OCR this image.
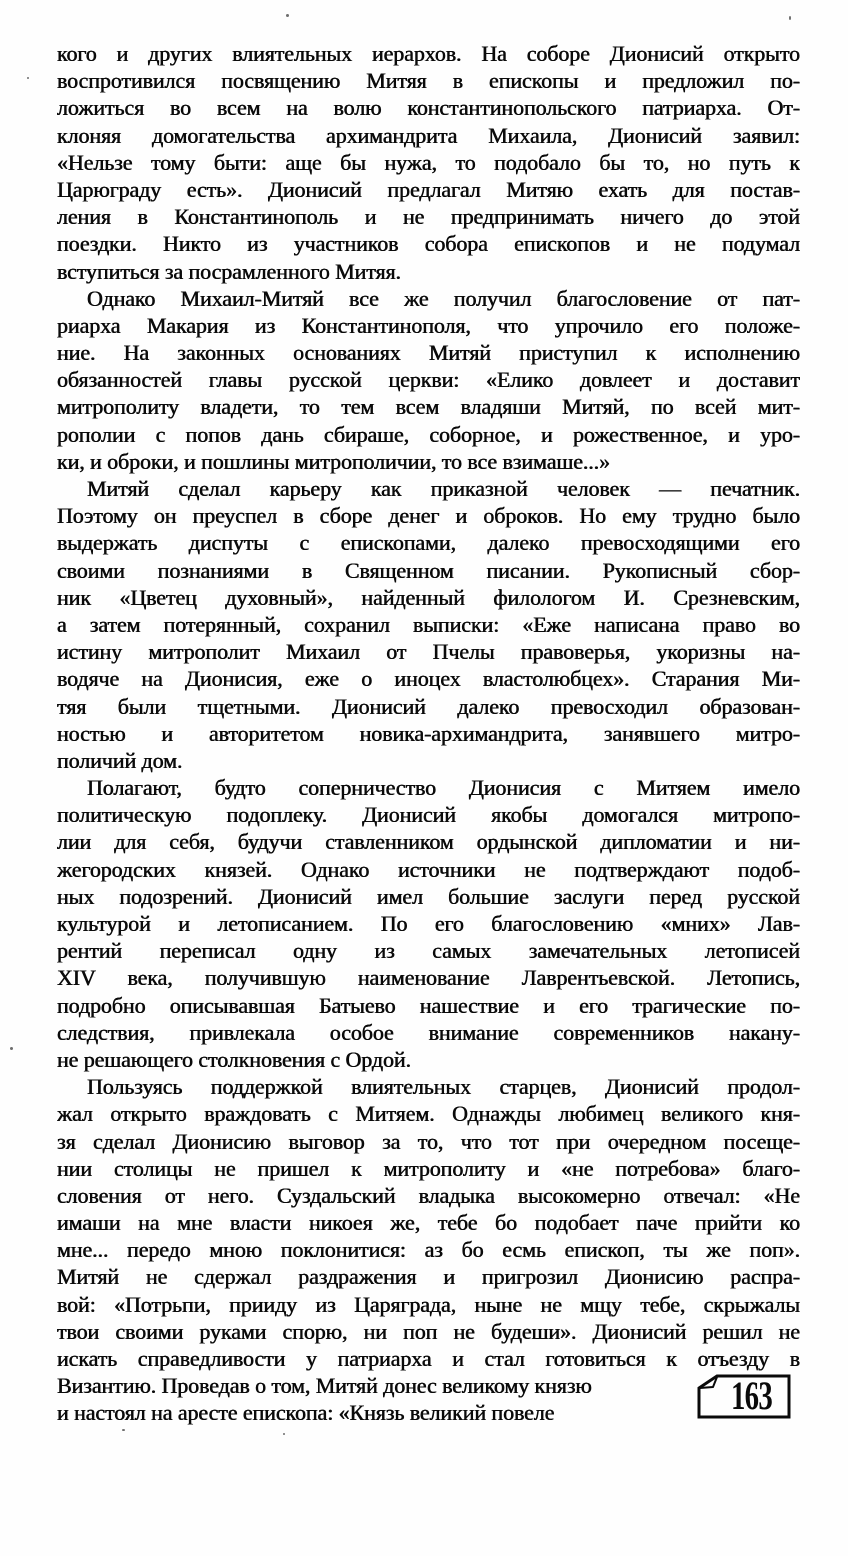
кого и других влиятельных иерархов. На соборе Дионисий открыто
воспротивился посвящению Митяя в епископы и предложил по-
ложиться во всем на волю константинопольского патриарха. От-
клоняя домогательства архимандрита Михаила, Дионисий заявил:
«Нельзе тому быти: аще бы нужа, то подобало бы то, но путь к
Царюграду есть». Дионисий предлагал Митяю ехать для постав-
ления в Константинополь и не предпринимать ничего до этой
поездки. Никто из участников собора епископов и не подумал
вступиться за посрамленного Митяя.
Однако Михаил-Митяй все же получил благословение от пат-
риарха Макария из Константинополя, что упрочило его положе-
ние. На законных основаниях Митяй приступил к исполнению
обязанностей главы русской церкви: «Елико довлеет и доставит
митрополиту владети, то тем всем владяши Митяй, по всей мит-
рополии с попов дань сбираше, соборное, и рожественное, и уро-
ки, и оброки, и пошлины митрополичии, то все взимаше...»
Митяй сделал карьеру как приказной человек — печатник.
Поэтому он преуспел в сборе денег и оброков. Но ему трудно было
выдержать диспуты с епископами, далеко превосходящими его
своими познаниями в Священном писании. Рукописный сбор-
ник «Цветец духовный», найденный филологом И. Срезневским,
а затем потерянный, сохранил выписки: «Еже написана право во
истину митрополит Михаил от Пчелы правоверья, укоризны на-
водяче на Дионисия, еже о иноцех властолюбцех». Старания Ми-
тяя были тщетными. Дионисий далеко превосходил образован-
ностью и авторитетом новика-архимандрита, занявшего митро-
поличий дом.
Полагают, будто соперничество Дионисия с Митяем имело
политическую подоплеку. Дионисий якобы домогался митропо-
лии для себя, будучи ставленником ордынской дипломатии и ни-
жегородских князей. Однако источники не подтверждают подоб-
ных подозрений. Дионисий имел большие заслуги перед русской
культурой и летописанием. По его благословению «мних» Лав-
рентий переписал одну из самых замечательных летописей
XIV века, получившую наименование Лаврентьевской. Летопись,
подробно описывавшая Батыево нашествие и его трагические по-
следствия, привлекала особое внимание современников накану-
не решающего столкновения с Ордой.
Пользуясь поддержкой влиятельных старцев, Дионисий продол-
жал открыто враждовать с Митяем. Однажды любимец великого кня-
зя сделал Дионисию выговор за то, что тот при очередном посеще-
нии столицы не пришел к митрополиту и «не потребова» благо-
словения от него. Суздальский владыка высокомерно отвечал: «Не
имаши на мне власти никоея же, тебе бо подобает паче прийти ко
мне... передо мною поклонитися: аз бо есмь епископ, ты же поп».
Митяй не сдержал раздражения и пригрозил Дионисию распра-
вой: «Потрьпи, прииду из Царяграда, ныне не мщу тебе, скрыжалы
твои своими руками спорю, ни поп не будеши». Дионисий решил не
искать справедливости у патриарха и стал готовиться к отъезду в
Византию. Проведав о том, Митяй донес великому князю
и настоял на аресте епископа: «Князь великий повеле	163
